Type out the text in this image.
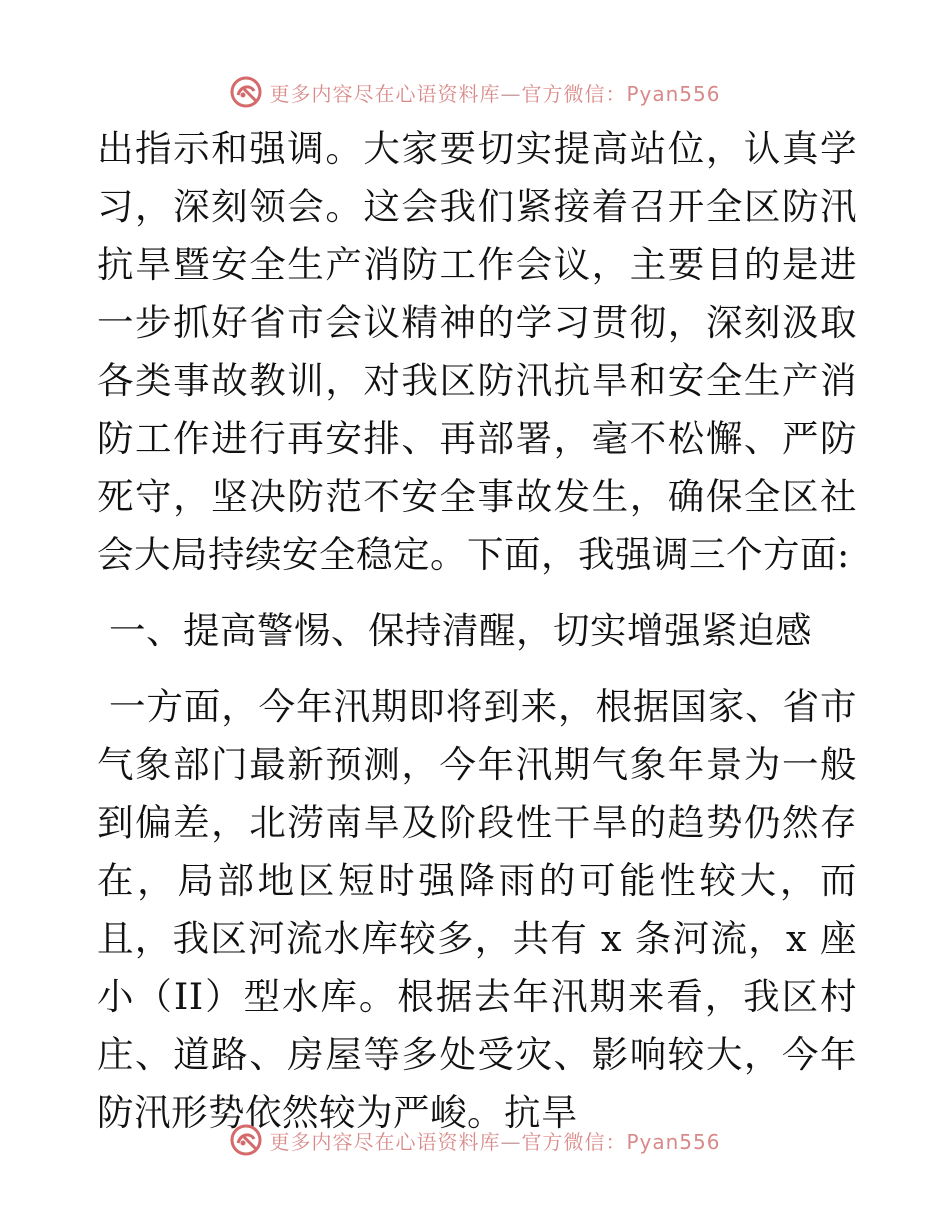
更多内容尽在心语资料库—官方微信：Pyan556

出指示和强调。大家要切实提高站位，认真学习，深刻领会。这会我们紧接着召开全区防汛抗旱暨安全生产消防工作会议，主要目的是进一步抓好省市会议精神的学习贯彻，深刻汲取各类事故教训，对我区防汛抗旱和安全生产消防工作进行再安排、再部署，毫不松懈、严防死守，坚决防范不安全事故发生，确保全区社会大局持续安全稳定。下面，我强调三个方面:

一、提高警惕、保持清醒，切实增强紧迫感

一方面，今年汛期即将到来，根据国家、省市气象部门最新预测，今年汛期气象年景为一般到偏差，北涝南旱及阶段性干旱的趋势仍然存在，局部地区短时强降雨的可能性较大，而且，我区河流水库较多，共有 x 条河流，x 座小（II）型水库。根据去年汛期来看，我区村庄、道路、房屋等多处受灾、影响较大，今年防汛形势依然较为严峻。抗旱

更多内容尽在心语资料库—官方微信：Pyan556
